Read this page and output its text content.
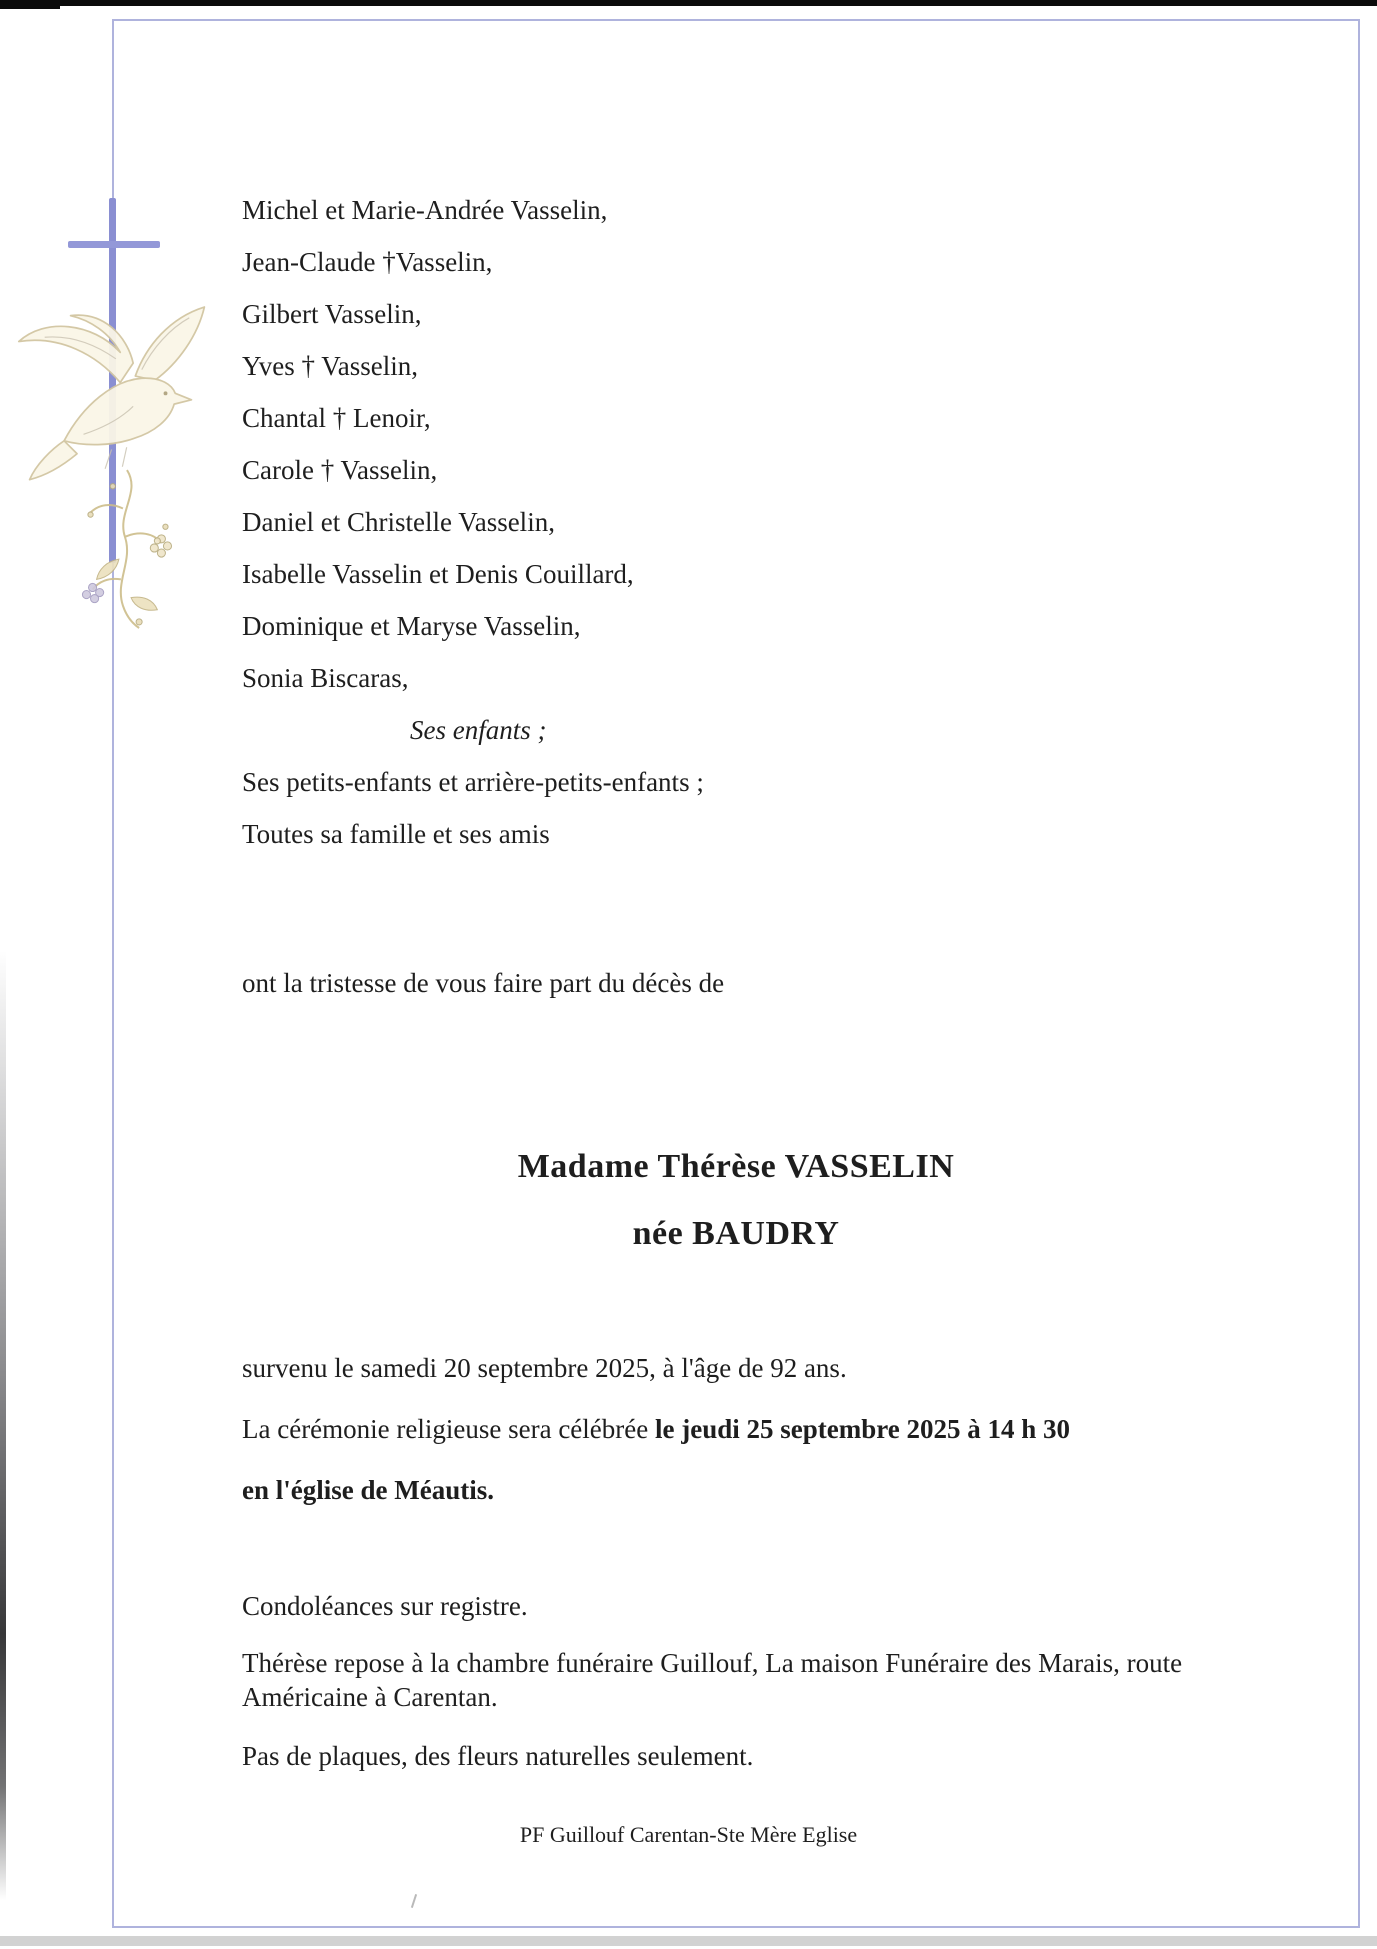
Michel et Marie-Andrée Vasselin,
Jean-Claude †Vasselin,
Gilbert Vasselin,
Yves † Vasselin,
Chantal † Lenoir,
Carole † Vasselin,
Daniel et Christelle Vasselin,
Isabelle Vasselin et Denis Couillard,
Dominique et Maryse Vasselin,
Sonia Biscaras,
Ses enfants ;
Ses petits-enfants et arrière-petits-enfants ;
Toutes sa famille et ses amis
ont la tristesse de vous faire part du décès de
Madame Thérèse VASSELIN
née BAUDRY
survenu le samedi 20 septembre 2025, à l'âge de 92 ans.
La cérémonie religieuse sera célébrée le jeudi 25 septembre 2025 à 14 h 30
en l'église de Méautis.
Condoléances sur registre.
Thérèse repose à la chambre funéraire Guillouf, La maison Funéraire des Marais, route Américaine à Carentan.
Pas de plaques, des fleurs naturelles seulement.
PF Guillouf Carentan-Ste Mère Eglise
